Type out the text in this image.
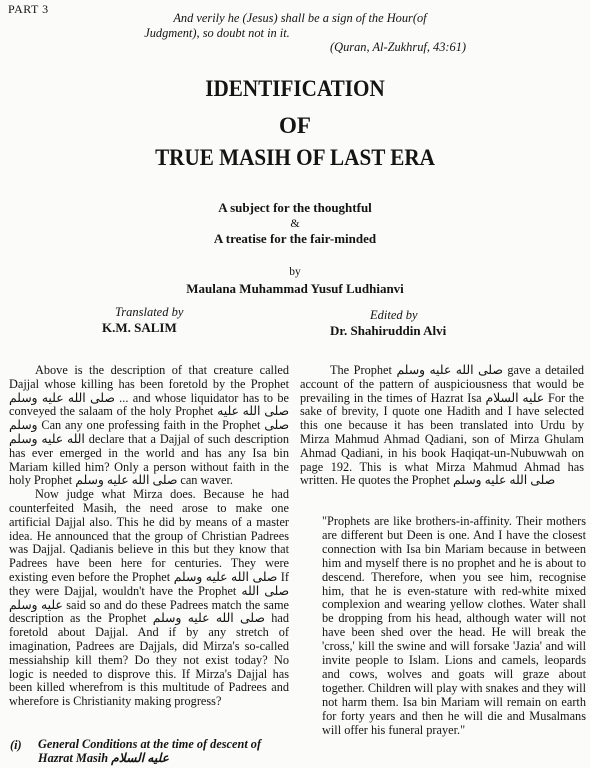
PART 3
And verily he (Jesus) shall be a sign of the Hour(of
Judgment), so doubt not in it.
(Quran, Al-Zukhruf, 43:61)
IDENTIFICATION
OF
TRUE MASIH OF LAST ERA
A subject for the thoughtful
&
A treatise for the fair-minded
by
Maulana Muhammad Yusuf Ludhianvi
Translated by
K.M. SALIM
Edited by
Dr. Shahiruddin Alvi

Above is the description of that creature called Dajjal whose killing has been foretold by the Prophet صلى الله عليه وسلم ... and whose liquidator has to be conveyed the salaam of the holy Prophet صلى الله عليه وسلم Can any one professing faith in the Prophet صلى الله عليه وسلم declare that a Dajjal of such description has ever emerged in the world and has any Isa bin Mariam killed him? Only a person without faith in the holy Prophet صلى الله عليه وسلم can waver.

Now judge what Mirza does. Because he had counterfeited Masih, the need arose to make one artificial Dajjal also. This he did by means of a master idea. He announced that the group of Christian Padrees was Dajjal. Qadianis believe in this but they know that Padrees have been here for centuries. They were existing even before the Prophet صلى الله عليه وسلم If they were Dajjal, wouldn't have the Prophet صلى الله عليه وسلم said so and do these Padrees match the same description as the Prophet صلى الله عليه وسلم had foretold about Dajjal. And if by any stretch of imagination, Padrees are Dajjals, did Mirza's so-called messiahship kill them? Do they not exist today? No logic is needed to disprove this. If Mirza's Dajjal has been killed wherefrom is this multitude of Padrees and wherefore is Christianity making progress?

(i) General Conditions at the time of descent of Hazrat Masih عليه السلام

The Prophet صلى الله عليه وسلم gave a detailed account of the pattern of auspiciousness that would be prevailing in the times of Hazrat Isa عليه السلام For the sake of brevity, I quote one Hadith and I have selected this one because it has been translated into Urdu by Mirza Mahmud Ahmad Qadiani, son of Mirza Ghulam Ahmad Qadiani, in his book Haqiqat-un-Nubuwwah on page 192. This is what Mirza Mahmud Ahmad has written. He quotes the Prophet صلى الله عليه وسلم

"Prophets are like brothers-in-affinity. Their mothers are different but Deen is one. And I have the closest connection with Isa bin Mariam because in between him and myself there is no prophet and he is about to descend. Therefore, when you see him, recognise him, that he is even-stature with red-white mixed complexion and wearing yellow clothes. Water shall be dropping from his head, although water will not have been shed over the head. He will break the 'cross,' kill the swine and will forsake 'Jazia' and will invite people to Islam. Lions and camels, leopards and cows, wolves and goats will graze about together. Children will play with snakes and they will not harm them. Isa bin Mariam will remain on earth for forty years and then he will die and Musalmans will offer his funeral prayer."
